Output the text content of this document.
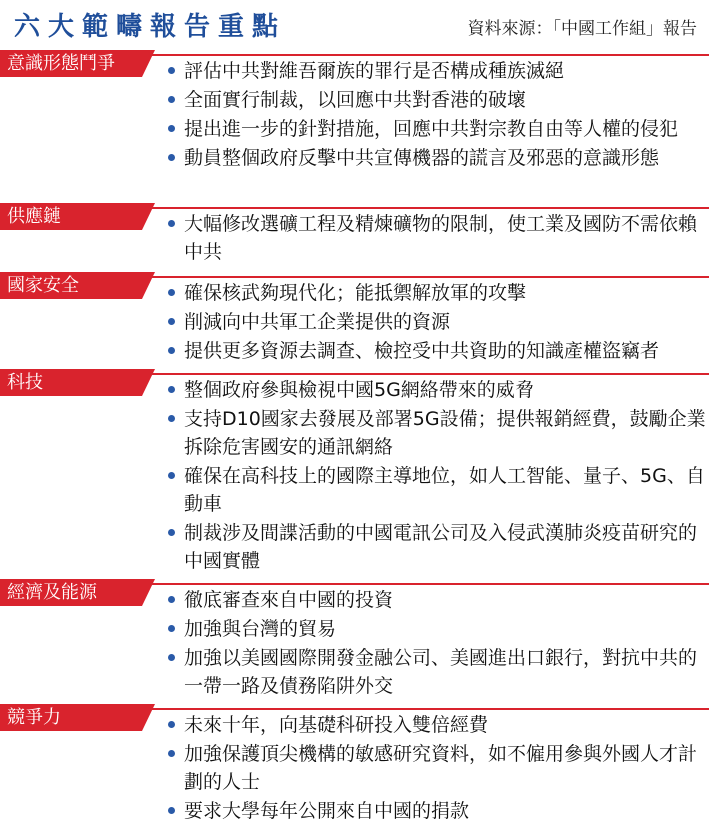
六大範疇報告重點	資料來源：「中國工作組」報告
意識形態鬥爭	評估中共對維吾爾族的罪行是否構成種族滅絕
全面實行制裁，以回應中共對香港的破壞
提出進一步的針對措施，回應中共對宗教自由等人權的侵犯
動員整個政府反擊中共宣傳機器的謊言及邪惡的意識形態
供應鏈	大幅修改選礦工程及精煉礦物的限制，使工業及國防不需依賴中共
國家安全	確保核武夠現代化；能抵禦解放軍的攻擊
削減向中共軍工企業提供的資源
提供更多資源去調查、檢控受中共資助的知識產權盜竊者
科技	整個政府參與檢視中國5G網絡帶來的威脅
支持D10國家去發展及部署5G設備；提供報銷經費，鼓勵企業拆除危害國安的通訊網絡
確保在高科技上的國際主導地位，如人工智能、量子、5G、自動車
制裁涉及間諜活動的中國電訊公司及入侵武漢肺炎疫苗研究的中國實體
經濟及能源	徹底審查來自中國的投資
加強與台灣的貿易
加強以美國國際開發金融公司、美國進出口銀行，對抗中共的一帶一路及債務陷阱外交
競爭力	未來十年，向基礎科研投入雙倍經費
加強保護頂尖機構的敏感研究資料，如不僱用參與外國人才計劃的人士
要求大學每年公開來自中國的捐款
